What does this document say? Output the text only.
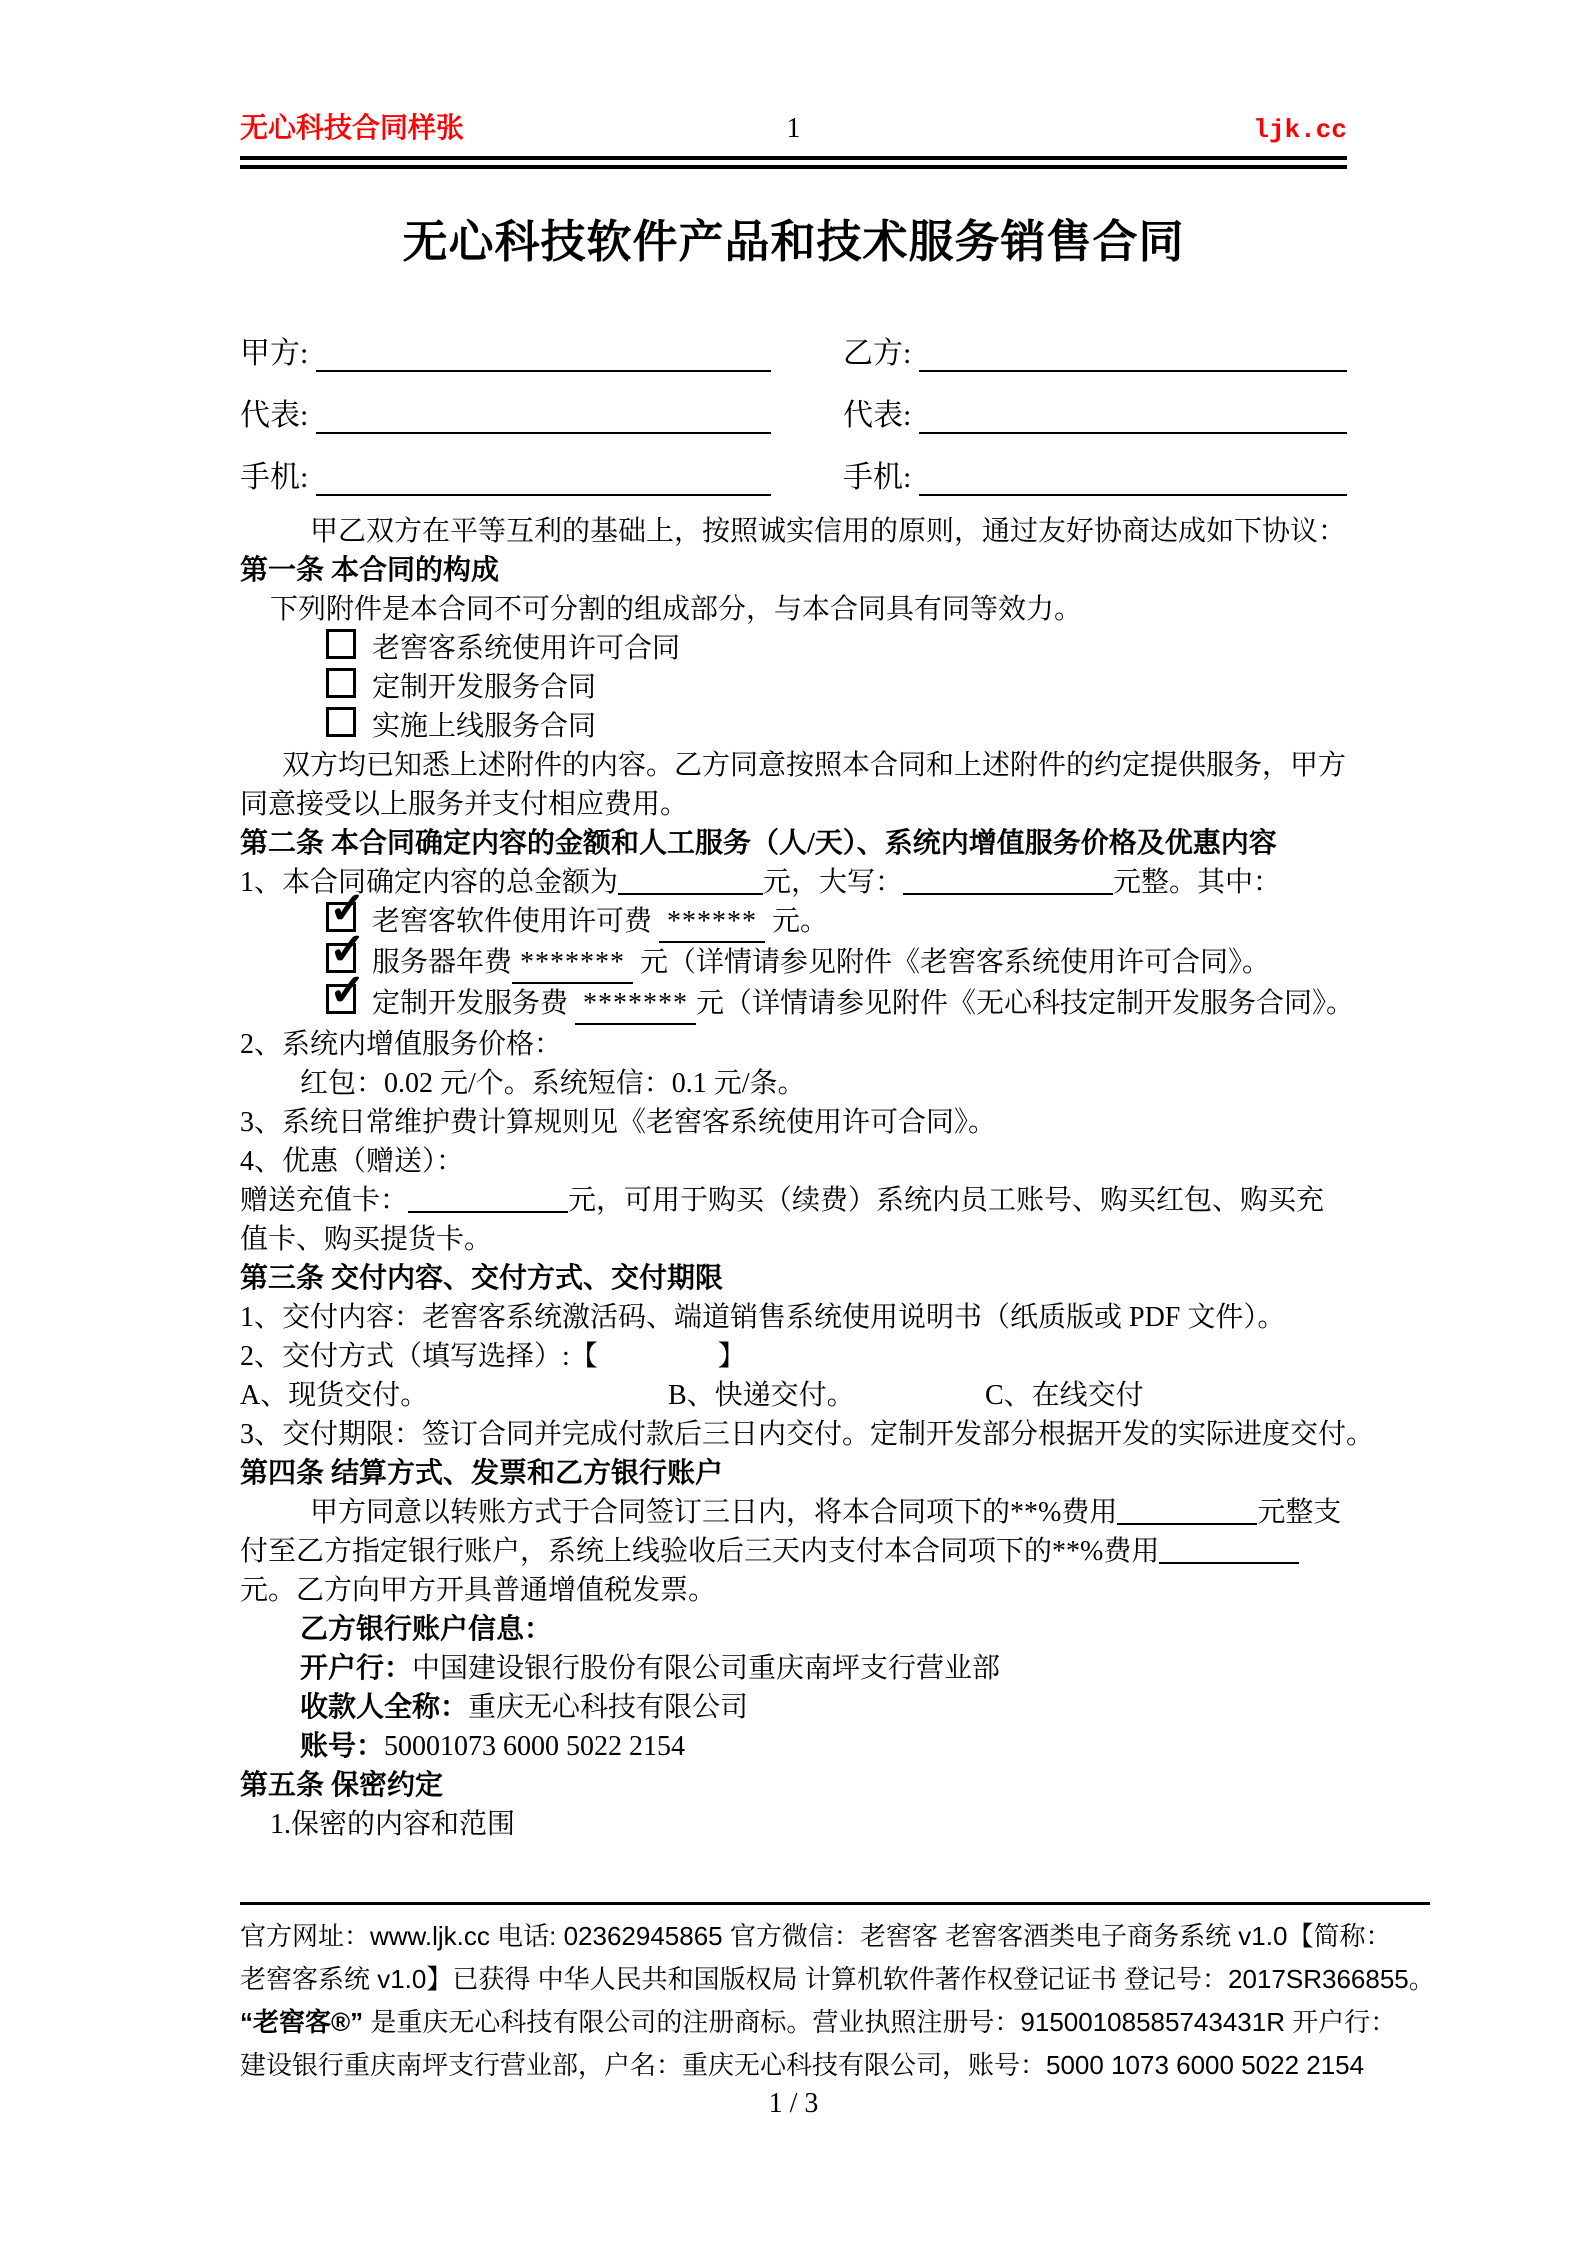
无心科技合同样张	1	ljk.cc
无心科技软件产品和技术服务销售合同
甲方:	乙方:
代表:	代表:
手机:	手机:
甲乙双方在平等互利的基础上，按照诚实信用的原则，通过友好协商达成如下协议：
第一条 本合同的构成
下列附件是本合同不可分割的组成部分，与本合同具有同等效力。
老窖客系统使用许可合同
定制开发服务合同
实施上线服务合同
双方均已知悉上述附件的内容。乙方同意按照本合同和上述附件的约定提供服务，甲方同意接受以上服务并支付相应费用。
第二条 本合同确定内容的金额和人工服务（人/天）、系统内增值服务价格及优惠内容
1、本合同确定内容的总金额为	元，大写：	元整。其中：
✓老窖客软件使用许可费 ****** 元。
✓服务器年费 ******* 元（详情请参见附件《老窖客系统使用许可合同》。
✓定制开发服务费 ******* 元（详情请参见附件《无心科技定制开发服务合同》。
2、系统内增值服务价格：
红包：0.02 元/个。系统短信：0.1 元/条。
3、系统日常维护费计算规则见《老窖客系统使用许可合同》。
4、优惠（赠送）：
赠送充值卡：	元，可用于购买（续费）系统内员工账号、购买红包、购买充值卡、购买提货卡。
第三条 交付内容、交付方式、交付期限
1、交付内容：老窖客系统激活码、端道销售系统使用说明书（纸质版或 PDF 文件）。
2、交付方式（填写选择）:【	】
A、现货交付。	B、快递交付。	C、在线交付
3、交付期限：签订合同并完成付款后三日内交付。定制开发部分根据开发的实际进度交付。
第四条 结算方式、发票和乙方银行账户
甲方同意以转账方式于合同签订三日内，将本合同项下的**%费用	元整支付至乙方指定银行账户，系统上线验收后三天内支付本合同项下的**%费用元。乙方向甲方开具普通增值税发票。
乙方银行账户信息：
开户行：中国建设银行股份有限公司重庆南坪支行营业部
收款人全称：重庆无心科技有限公司
账号：50001073 6000 5022 2154
第五条 保密约定
1.保密的内容和范围
官方网址：www.ljk.cc 电话: 02362945865 官方微信：老窖客 老窖客酒类电子商务系统 v1.0【简称：
老窖客系统 v1.0】已获得 中华人民共和国版权局 计算机软件著作权登记证书 登记号：2017SR366855。
“老窖客®” 是重庆无心科技有限公司的注册商标。营业执照注册号：91500108585743431R 开户行：
建设银行重庆南坪支行营业部，户名：重庆无心科技有限公司，账号：5000 1073 6000 5022 2154
1 / 3
